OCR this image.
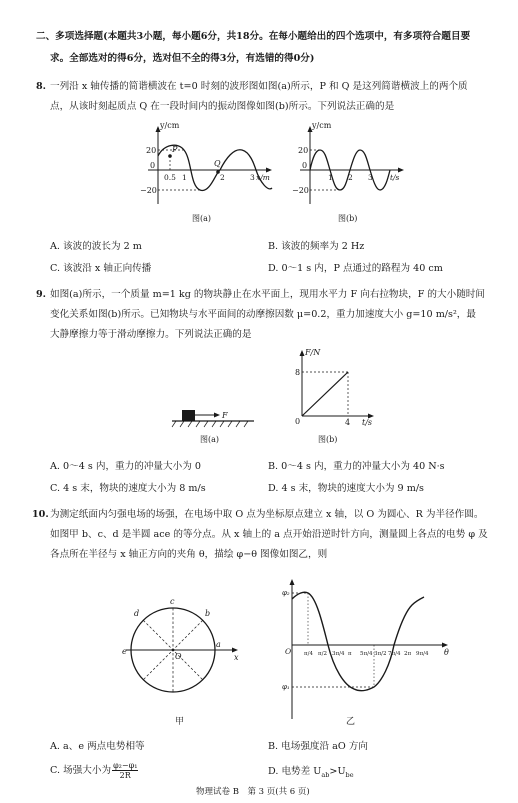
二、多项选择题(本题共3小题，每小题6分，共18分。在每小题给出的四个选项中，有多项符合题目要
求。全部选对的得6分，选对但不全的得3分，有选错的得0分)
8. 一列沿 x 轴传播的简谐横波在 t=0 时刻的波形图如图(a)所示，P 和 Q 是这列简谐横波上的两个质
点，从该时刻起质点 Q 在一段时间内的振动图像如图(b)所示。下列说法正确的是
y/cm
20
0
−20
0.5 1	2	3 x/m
P
Q
图(a)
y/cm
20
0
−20
1 2 3 t/s
图(b)
A. 该波的波长为 2 m	B. 该波的频率为 2 Hz
C. 该波沿 x 轴正向传播	D. 0～1 s 内，P 点通过的路程为 40 cm
9. 如图(a)所示，一个质量 m=1 kg 的物块静止在水平面上，现用水平力 F 向右拉物块，F 的大小随时间
变化关系如图(b)所示。已知物块与水平面间的动摩擦因数 μ=0.2，重力加速度大小 g=10 m/s²，最
大静摩擦力等于滑动摩擦力。下列说法正确的是
F
图(a)
F/N
8
0	4 t/s
图(b)
A. 0～4 s 内，重力的冲量大小为 0	B. 0～4 s 内，重力的冲量大小为 40 N·s
C. 4 s 末，物块的速度大小为 8 m/s	D. 4 s 末，物块的速度大小为 9 m/s
10. 为测定纸面内匀强电场的场强，在电场中取 O 点为坐标原点建立 x 轴，以 O 为圆心、R 为半径作圆。
如图甲 b、c、d 是半圆 ace 的等分点。从 x 轴上的 a 点开始沿逆时针方向，测量圆上各点的电势 φ 及
各点所在半径与 x 轴正方向的夹角 θ，描绘 φ−θ 图像如图乙，则
a
b
c
d
e
O	x
甲
φ₂
φ₁
O	θ
π/4 π/2 3π/4 π 5π/4 3π/2 7π/4 2π 9π/4
乙
A. a、e 两点电势相等	B. 电场强度沿 aO 方向
C. 场强大小为 $\frac{\text{φ₂−φ₁}}{2R}$	D. 电势差 $U_{ab}>U_{be}$
物理试卷 B　第 3 页(共 6 页)
